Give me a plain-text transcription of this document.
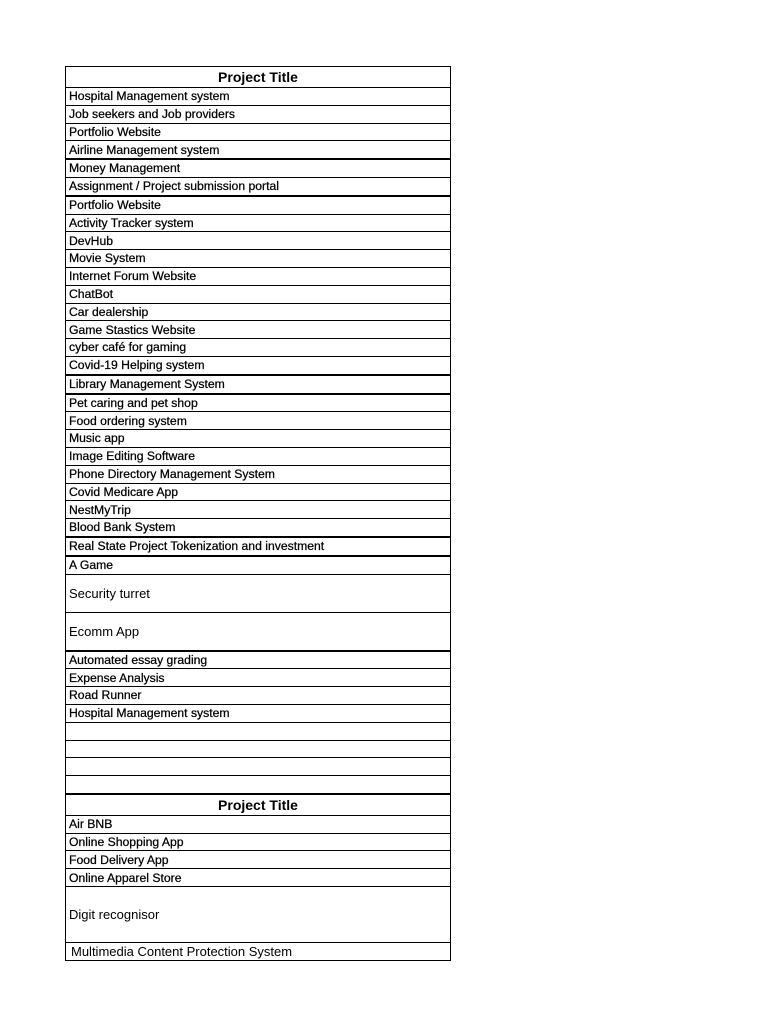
Project Title
Hospital Management system
Job seekers and Job providers
Portfolio Website
Airline Management system
Money Management
Assignment / Project submission portal
Portfolio Website
Activity Tracker system
DevHub
Movie System
Internet Forum Website
ChatBot
Car dealership
Game Stastics Website
cyber café for gaming
Covid-19 Helping system
Library Management System
Pet caring and pet shop
Food ordering system
Music app
Image Editing Software
Phone Directory Management System
Covid Medicare App
NestMyTrip
Blood Bank System
Real State Project Tokenization and investment
A Game
Security turret
Ecomm App
Automated essay grading
Expense Analysis
Road Runner
Hospital Management system

Project Title
Air BNB
Online Shopping App
Food Delivery App
Online Apparel Store
Digit recognisor
Multimedia Content Protection System
